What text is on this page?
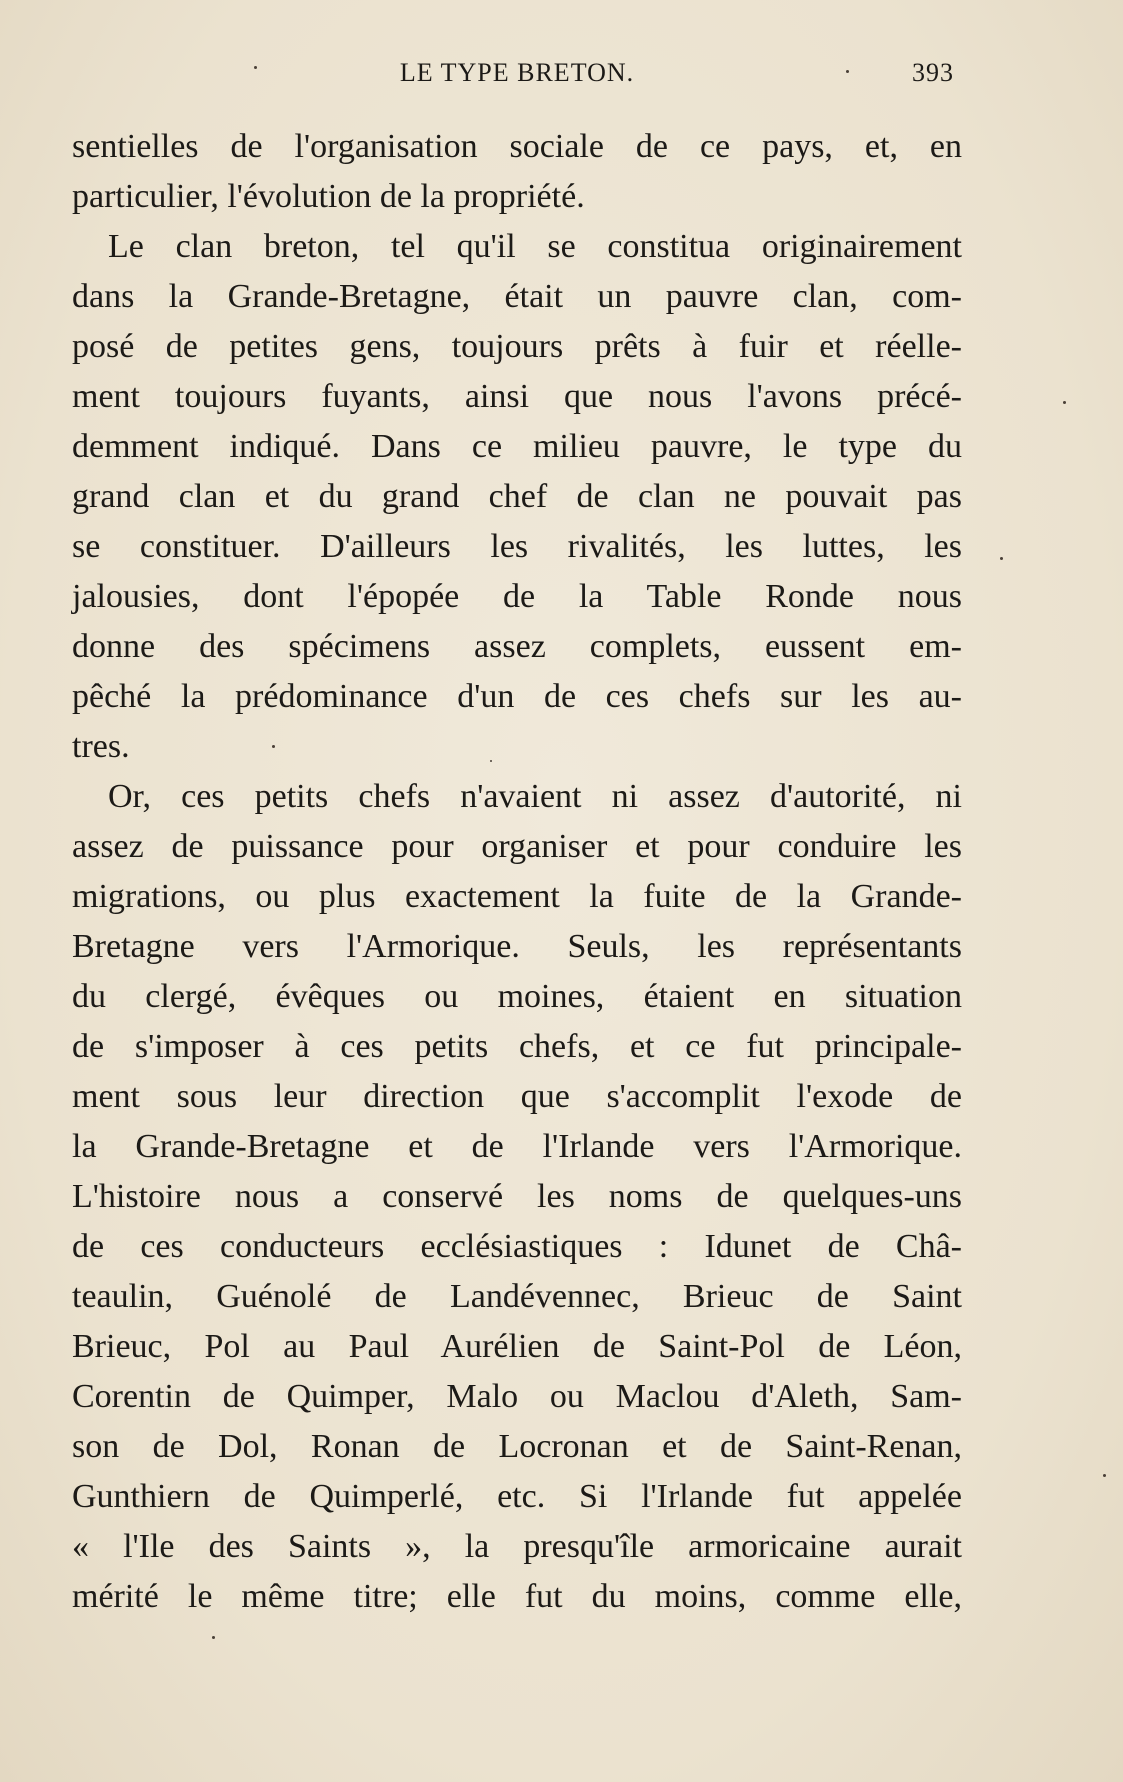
LE TYPE BRETON.	393
sentielles de l'organisation sociale de ce pays, et, en
particulier, l'évolution de la propriété.
Le clan breton, tel qu'il se constitua originairement
dans la Grande-Bretagne, était un pauvre clan, com-
posé de petites gens, toujours prêts à fuir et réelle-
ment toujours fuyants, ainsi que nous l'avons précé-
demment indiqué. Dans ce milieu pauvre, le type du
grand clan et du grand chef de clan ne pouvait pas
se constituer. D'ailleurs les rivalités, les luttes, les
jalousies, dont l'épopée de la Table Ronde nous
donne des spécimens assez complets, eussent em-
pêché la prédominance d'un de ces chefs sur les au-
tres.
Or, ces petits chefs n'avaient ni assez d'autorité, ni
assez de puissance pour organiser et pour conduire les
migrations, ou plus exactement la fuite de la Grande-
Bretagne vers l'Armorique. Seuls, les représentants
du clergé, évêques ou moines, étaient en situation
de s'imposer à ces petits chefs, et ce fut principale-
ment sous leur direction que s'accomplit l'exode de
la Grande-Bretagne et de l'Irlande vers l'Armorique.
L'histoire nous a conservé les noms de quelques-uns
de ces conducteurs ecclésiastiques : Idunet de Châ-
teaulin, Guénolé de Landévennec, Brieuc de Saint
Brieuc, Pol au Paul Aurélien de Saint-Pol de Léon,
Corentin de Quimper, Malo ou Maclou d'Aleth, Sam-
son de Dol, Ronan de Locronan et de Saint-Renan,
Gunthiern de Quimperlé, etc. Si l'Irlande fut appelée
« l'Ile des Saints », la presqu'île armoricaine aurait
mérité le même titre; elle fut du moins, comme elle,
